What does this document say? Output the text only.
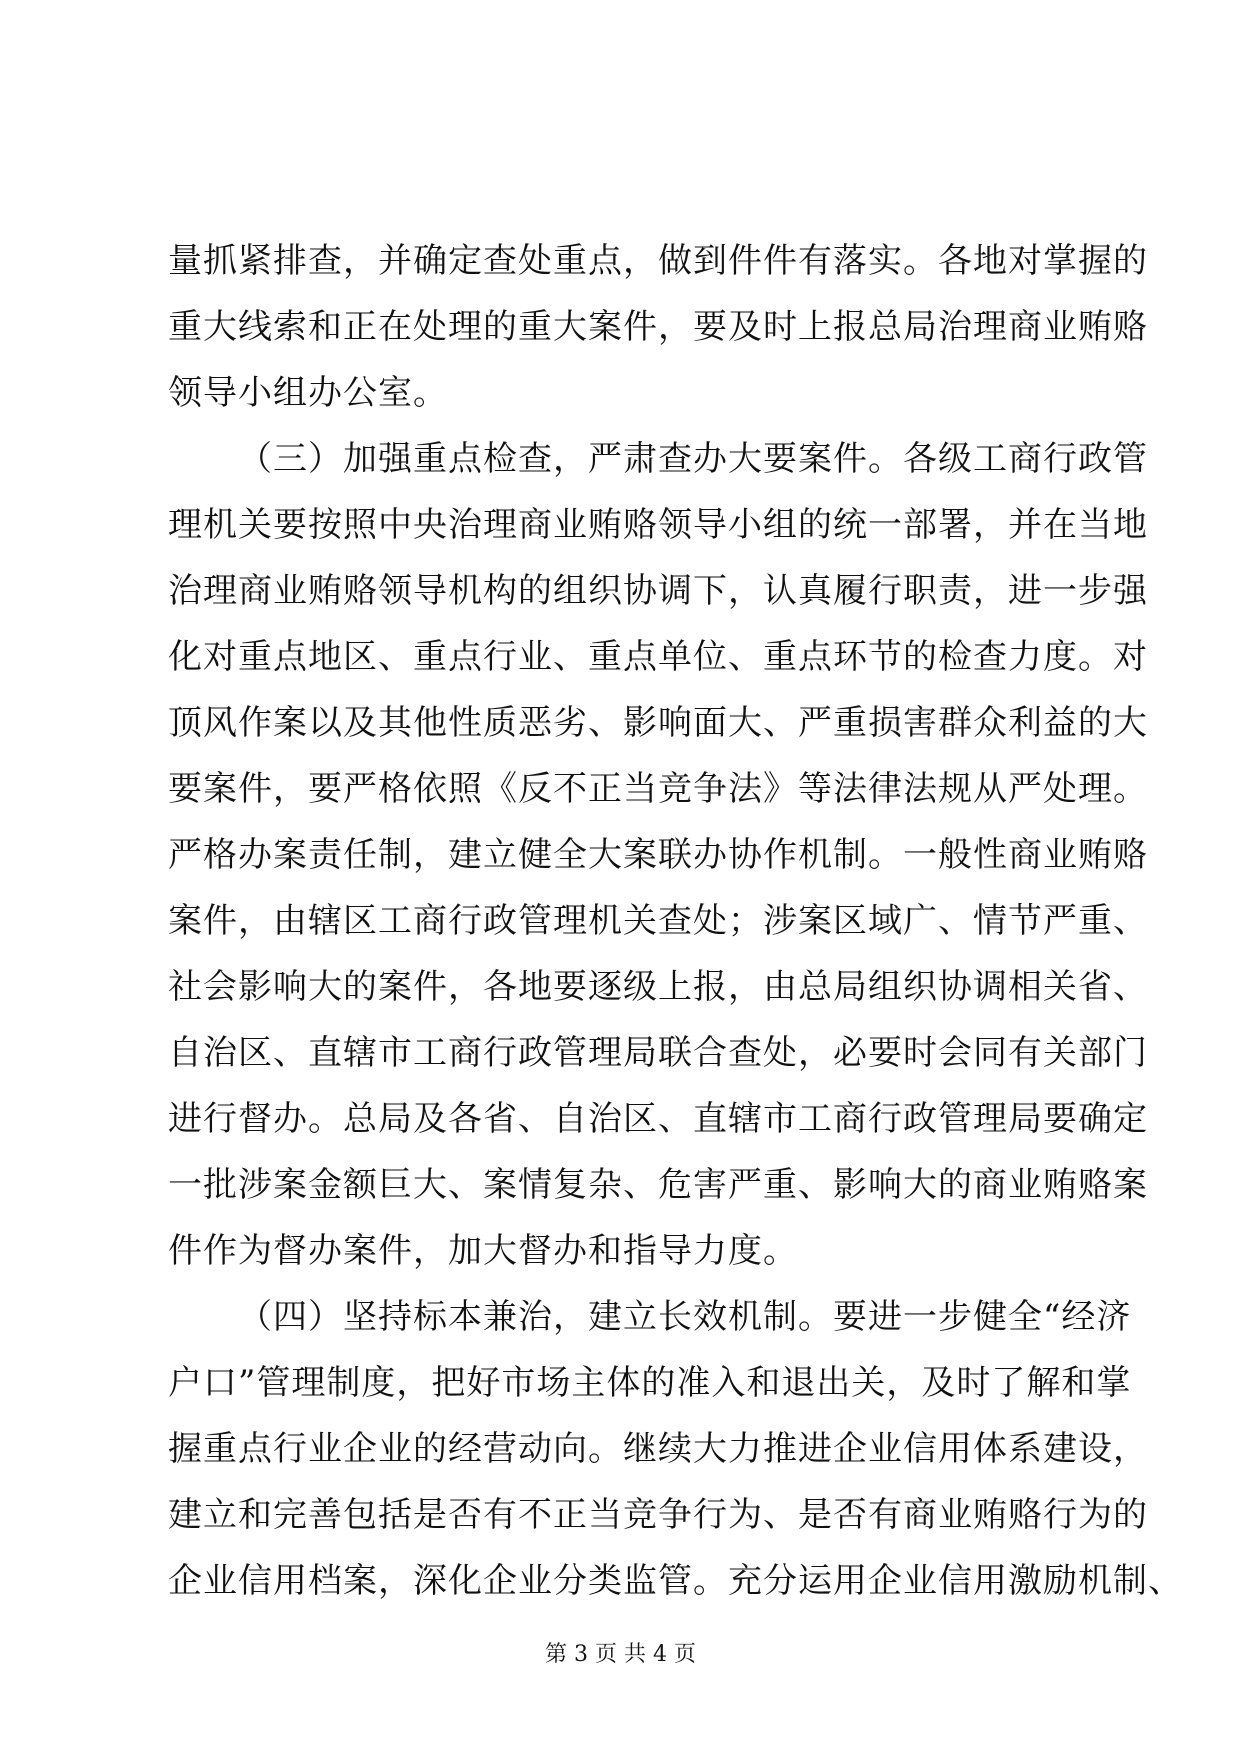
量抓紧排查，并确定查处重点，做到件件有落实。各地对掌握的
重大线索和正在处理的重大案件，要及时上报总局治理商业贿赂
领导小组办公室。
（三）加强重点检查，严肃查办大要案件。各级工商行政管
理机关要按照中央治理商业贿赂领导小组的统一部署，并在当地
治理商业贿赂领导机构的组织协调下，认真履行职责，进一步强
化对重点地区、重点行业、重点单位、重点环节的检查力度。对
顶风作案以及其他性质恶劣、影响面大、严重损害群众利益的大
要案件，要严格依照《反不正当竞争法》等法律法规从严处理。
严格办案责任制，建立健全大案联办协作机制。一般性商业贿赂
案件，由辖区工商行政管理机关查处；涉案区域广、情节严重、
社会影响大的案件，各地要逐级上报，由总局组织协调相关省、
自治区、直辖市工商行政管理局联合查处，必要时会同有关部门
进行督办。总局及各省、自治区、直辖市工商行政管理局要确定
一批涉案金额巨大、案情复杂、危害严重、影响大的商业贿赂案
件作为督办案件，加大督办和指导力度。
（四）坚持标本兼治，建立长效机制。要进一步健全“经济
户口”管理制度，把好市场主体的准入和退出关，及时了解和掌
握重点行业企业的经营动向。继续大力推进企业信用体系建设，
建立和完善包括是否有不正当竞争行为、是否有商业贿赂行为的
企业信用档案，深化企业分类监管。充分运用企业信用激励机制、
第 3 页 共 4 页
